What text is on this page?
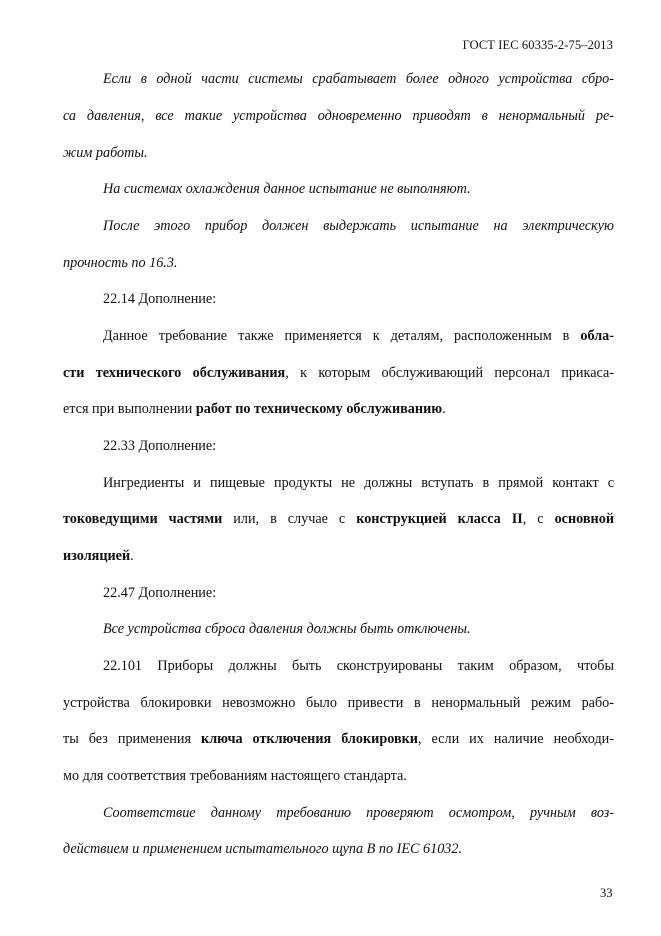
ГОСТ IEC 60335-2-75–2013
Если в одной части системы срабатывает более одного устройства сбро-
са давления, все такие устройства одновременно приводят в ненормальный ре-
жим работы.
На системах охлаждения данное испытание не выполняют.
После этого прибор должен выдержать испытание на электрическую
прочность по 16.3.
22.14 Дополнение:
Данное требование также применяется к деталям, расположенным в обла-
сти технического обслуживания, к которым обслуживающий персонал прикаса-
ется при выполнении работ по техническому обслуживанию.
22.33 Дополнение:
Ингредиенты и пищевые продукты не должны вступать в прямой контакт с
токоведущими частями или, в случае с конструкцией класса II, с основной
изоляцией.
22.47 Дополнение:
Все устройства сброса давления должны быть отключены.
22.101 Приборы должны быть сконструированы таким образом, чтобы
устройства блокировки невозможно было привести в ненормальный режим рабо-
ты без применения ключа отключения блокировки, если их наличие необходи-
мо для соответствия требованиям настоящего стандарта.
Соответствие данному требованию проверяют осмотром, ручным воз-
действием и применением испытательного щупа B по IEC 61032.
33
